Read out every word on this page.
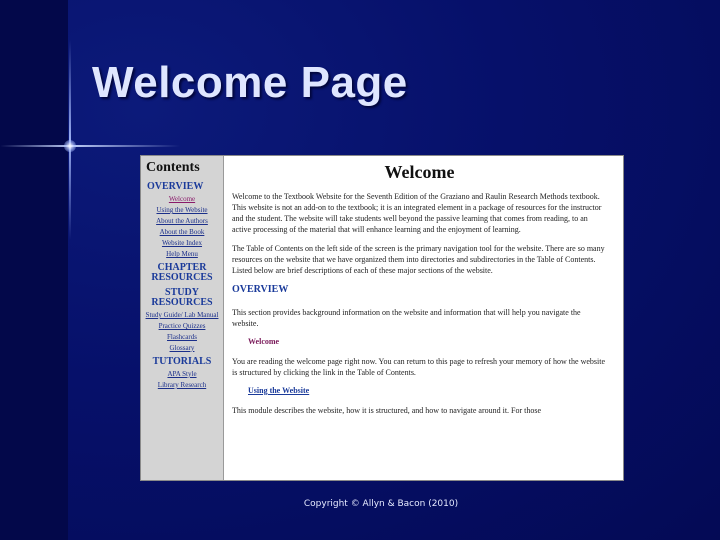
Welcome Page
Contents
OVERVIEW
Welcome
Using the Website
About the Authors
About the Book
Website Index
Help Menu
CHAPTER RESOURCES
STUDY RESOURCES
Study Guide/ Lab Manual
Practice Quizzes
Flashcards
Glossary
TUTORIALS
APA Style
Library Research
Welcome

Welcome to the Textbook Website for the Seventh Edition of the Graziano and Raulin Research Methods textbook. This website is not an add-on to the textbook; it is an integrated element in a package of resources for the instructor and the student. The website will take students well beyond the passive learning that comes from reading, to an active processing of the material that will enhance learning and the enjoyment of learning.

The Table of Contents on the left side of the screen is the primary navigation tool for the website. There are so many resources on the website that we have organized them into directories and subdirectories in the Table of Contents. Listed below are brief descriptions of each of these major sections of the website.

OVERVIEW

This section provides background information on the website and information that will help you navigate the website.

Welcome

You are reading the welcome page right now. You can return to this page to refresh your memory of how the website is structured by clicking the link in the Table of Contents.

Using the Website

This module describes the website, how it is structured, and how to navigate around it. For those

Copyright © Allyn & Bacon (2010)
